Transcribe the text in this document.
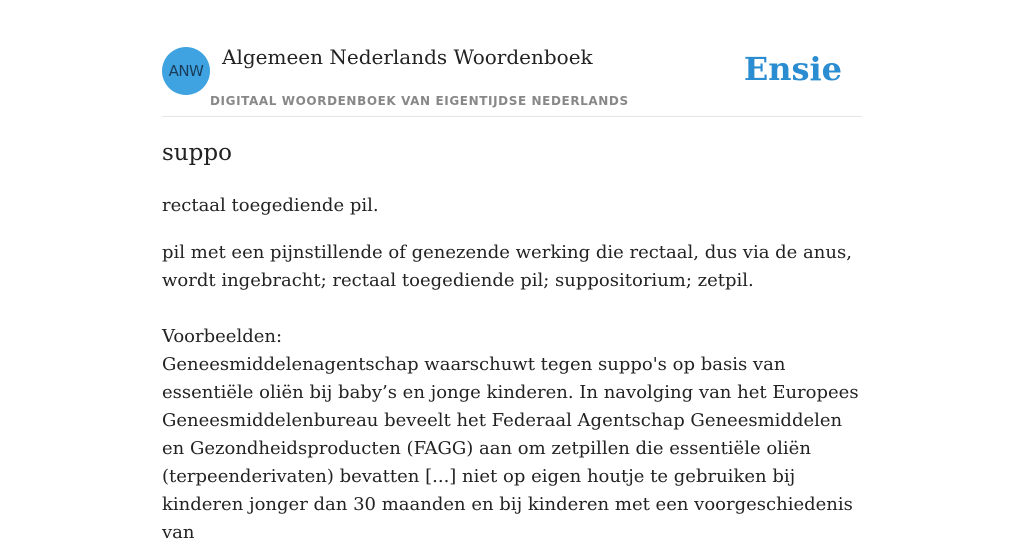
ANW
Algemeen Nederlands Woordenboek
DIGITAAL WOORDENBOEK VAN EIGENTIJDSE NEDERLANDS
Ensie
suppo

rectaal toegediende pil.

pil met een pijnstillende of genezende werking die rectaal, dus via de anus, wordt ingebracht; rectaal toegediende pil; suppositorium; zetpil.

Voorbeelden:

Geneesmiddelenagentschap waarschuwt tegen suppo's op basis van essentiële oliën bij baby’s en jonge kinderen. In navolging van het Europees Geneesmiddelenbureau beveelt het Federaal Agentschap Geneesmiddelen en Gezondheidsproducten (FAGG) aan om zetpillen die essentiële oliën (terpeenderivaten) bevatten [...] niet op eigen houtje te gebruiken bij kinderen jonger dan 30 maanden en bij kinderen met een voorgeschiedenis van
